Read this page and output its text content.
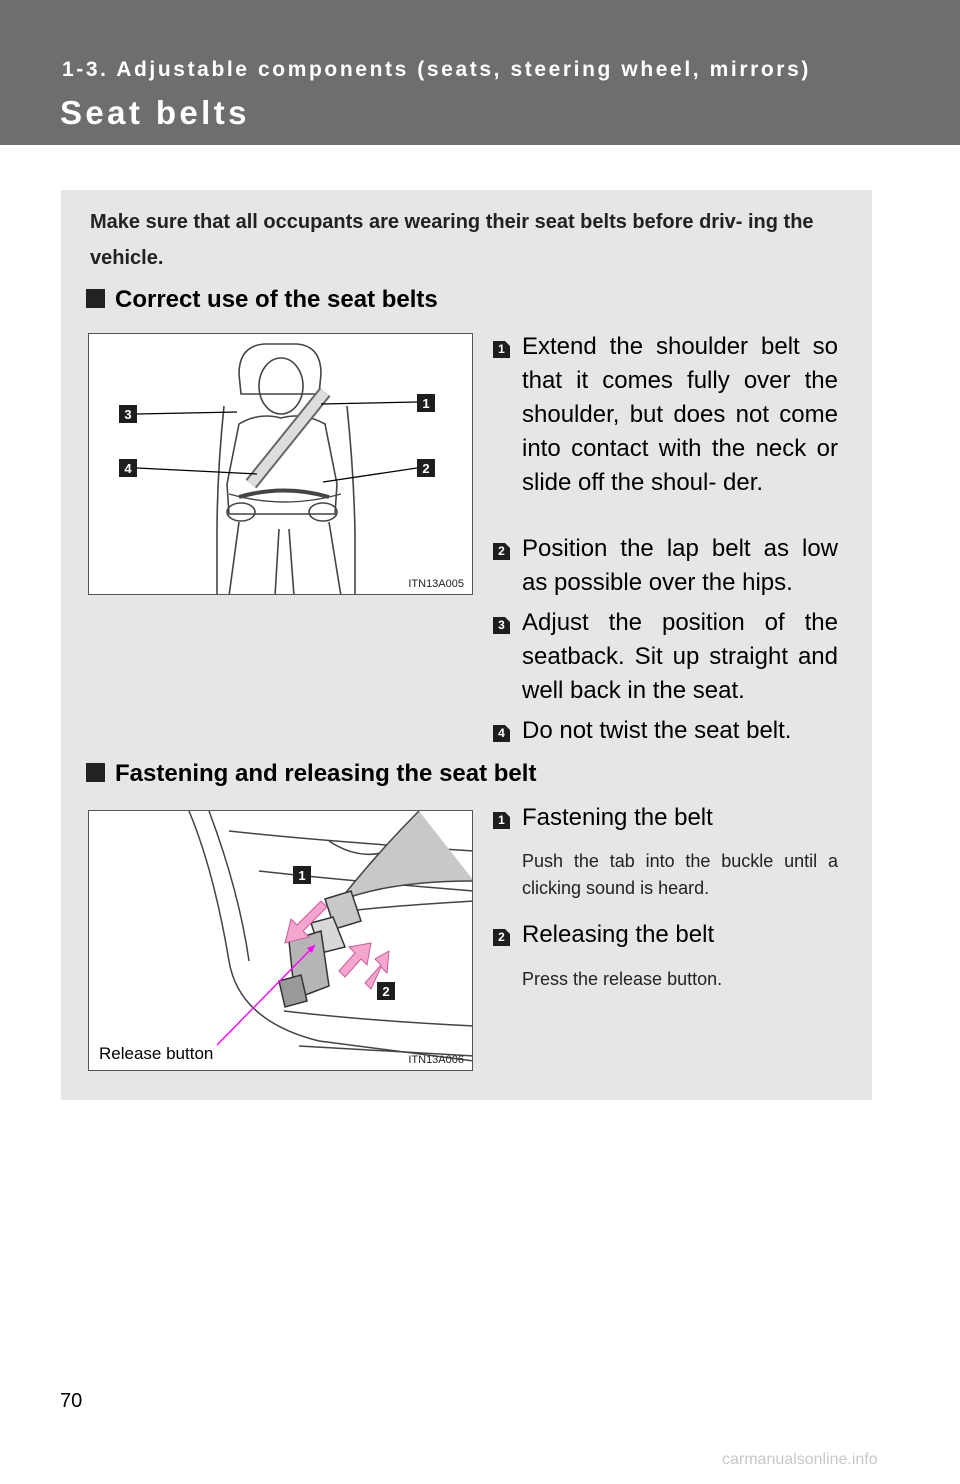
1-3. Adjustable components (seats, steering wheel, mirrors)
Seat belts
Make sure that all occupants are wearing their seat belts before driv- ing the vehicle.
Correct use of the seat belts
3
4
1
2
ITN13A005
1 Extend the shoulder belt so that it comes fully over the shoulder, but does not come into contact with the neck or slide off the shoul- der.
2 Position the lap belt as low as possible over the hips.
3 Adjust the position of the seatback. Sit up straight and well back in the seat.
4 Do not twist the seat belt.
Fastening and releasing the seat belt
1
2
Release button	ITN13A006
1 Fastening the belt
Push the tab into the buckle until a clicking sound is heard.
2 Releasing the belt
Press the release button.
70
carmanualsonline.info
